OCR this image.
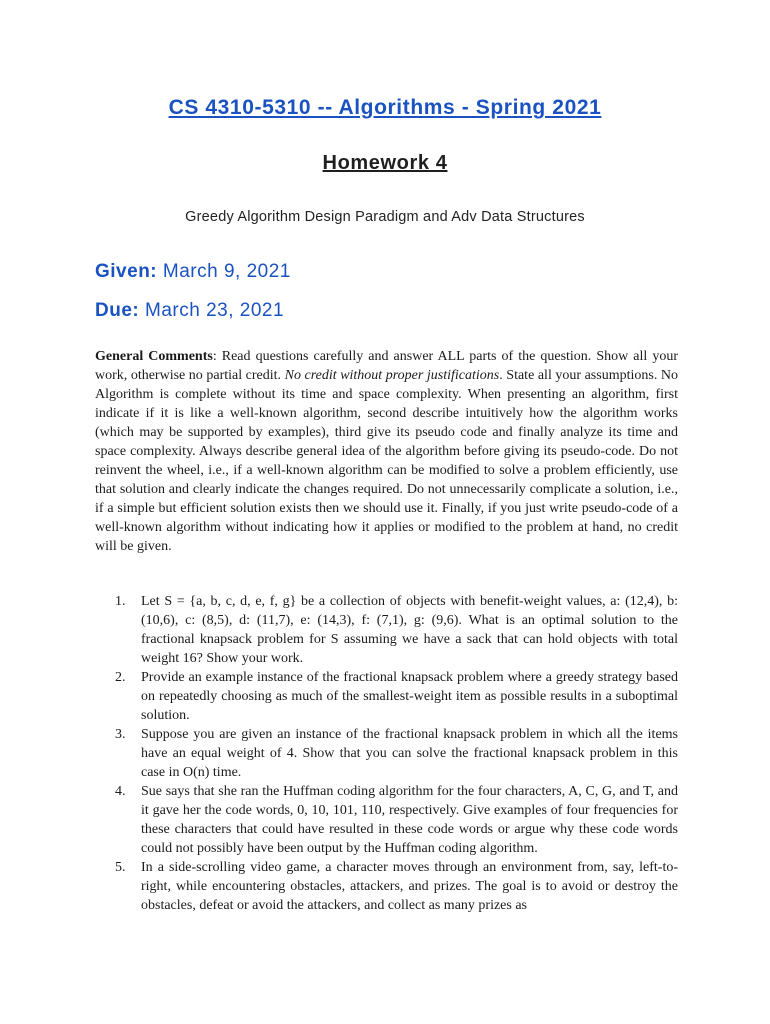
CS 4310-5310 -- Algorithms - Spring 2021
Homework 4
Greedy Algorithm Design Paradigm and Adv Data Structures
Given: March 9, 2021
Due: March 23, 2021
General Comments: Read questions carefully and answer ALL parts of the question. Show all your work, otherwise no partial credit. No credit without proper justifications. State all your assumptions. No Algorithm is complete without its time and space complexity. When presenting an algorithm, first indicate if it is like a well-known algorithm, second describe intuitively how the algorithm works (which may be supported by examples), third give its pseudo code and finally analyze its time and space complexity. Always describe general idea of the algorithm before giving its pseudo-code. Do not reinvent the wheel, i.e., if a well-known algorithm can be modified to solve a problem efficiently, use that solution and clearly indicate the changes required. Do not unnecessarily complicate a solution, i.e., if a simple but efficient solution exists then we should use it. Finally, if you just write pseudo-code of a well-known algorithm without indicating how it applies or modified to the problem at hand, no credit will be given.
1. Let S = {a, b, c, d, e, f, g} be a collection of objects with benefit-weight values, a: (12,4), b: (10,6), c: (8,5), d: (11,7), e: (14,3), f: (7,1), g: (9,6). What is an optimal solution to the fractional knapsack problem for S assuming we have a sack that can hold objects with total weight 16? Show your work.
2. Provide an example instance of the fractional knapsack problem where a greedy strategy based on repeatedly choosing as much of the smallest-weight item as possible results in a suboptimal solution.
3. Suppose you are given an instance of the fractional knapsack problem in which all the items have an equal weight of 4. Show that you can solve the fractional knapsack problem in this case in O(n) time.
4. Sue says that she ran the Huffman coding algorithm for the four characters, A, C, G, and T, and it gave her the code words, 0, 10, 101, 110, respectively. Give examples of four frequencies for these characters that could have resulted in these code words or argue why these code words could not possibly have been output by the Huffman coding algorithm.
5. In a side-scrolling video game, a character moves through an environment from, say, left-to-right, while encountering obstacles, attackers, and prizes. The goal is to avoid or destroy the obstacles, defeat or avoid the attackers, and collect as many prizes as
